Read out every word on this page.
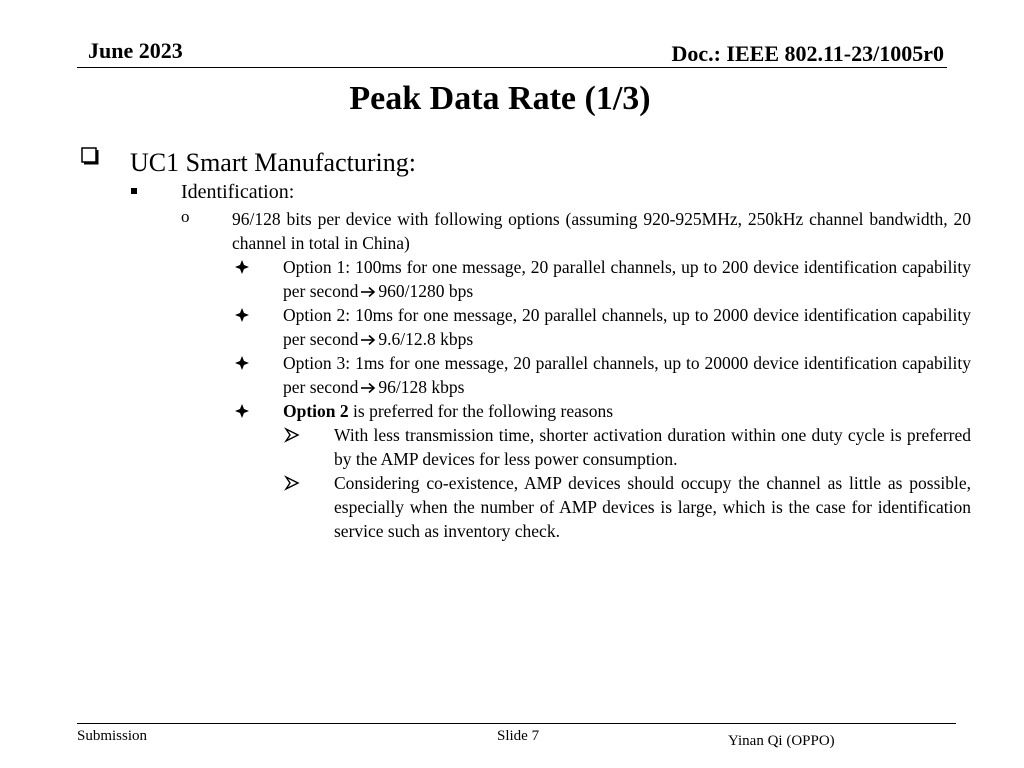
June 2023	Doc.: IEEE 802.11-23/1005r0
Peak Data Rate (1/3)
UC1 Smart Manufacturing:
Identification:
o 96/128 bits per device with following options (assuming 920-925MHz, 250kHz channel bandwidth, 20 channel in total in China)
Option 1: 100ms for one message, 20 parallel channels, up to 200 device identification capability per second 960/1280 bps
Option 2: 10ms for one message, 20 parallel channels, up to 2000 device identification capability per second 9.6/12.8 kbps
Option 3: 1ms for one message, 20 parallel channels, up to 20000 device identification capability per second 96/128 kbps
Option 2 is preferred for the following reasons
With less transmission time, shorter activation duration within one duty cycle is preferred by the AMP devices for less power consumption.
Considering co-existence, AMP devices should occupy the channel as little as possible, especially when the number of AMP devices is large, which is the case for identification service such as inventory check.
Submission	Slide 7	Yinan Qi (OPPO)
